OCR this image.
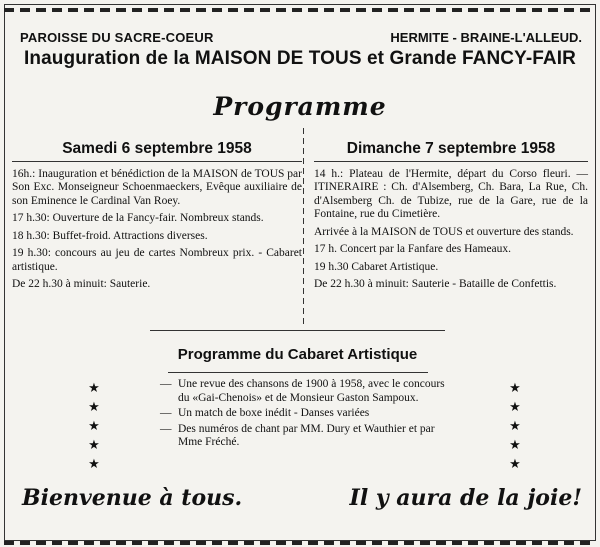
PAROISSE DU SACRE-COEUR	HERMITE - BRAINE-L'ALLEUD.
Inauguration de la MAISON DE TOUS et Grande FANCY-FAIR
Programme
Samedi 6 septembre 1958

16h.: Inauguration et bénédiction de la MAISON de TOUS par Son Exc. Monseigneur Schoenmaeckers, Evêque auxiliaire de son Eminence le Cardinal Van Roey.

17 h.30: Ouverture de la Fancy-fair. Nombreux stands.

18 h.30: Buffet-froid. Attractions diverses.

19 h.30: concours au jeu de cartes Nombreux prix. - Cabaret artistique.

De 22 h.30 à minuit: Sauterie.

Dimanche 7 septembre 1958

14 h.: Plateau de l'Hermite, départ du Corso fleuri. — ITINERAIRE : Ch. d'Alsemberg, Ch. Bara, La Rue, Ch. d'Alsemberg Ch. de Tubize, rue de la Gare, rue de la Fontaine, rue du Cimetière.

Arrivée à la MAISON de TOUS et ouverture des stands.

17 h. Concert par la Fanfare des Hameaux.

19 h.30 Cabaret Artistique.

De 22 h.30 à minuit: Sauterie - Bataille de Confettis.

Programme du Cabaret Artistique
★
★
★
★
★

— Une revue des chansons de 1900 à 1958, avec le concours du «Gai-Chenois» et de Monsieur Gaston Sampoux.

— Un match de boxe inédit - Danses variées

— Des numéros de chant par MM. Dury et Wauthier et par Mme Fréché.

★
★
★
★
★
Bienvenue à tous.	Il y aura de la joie!
